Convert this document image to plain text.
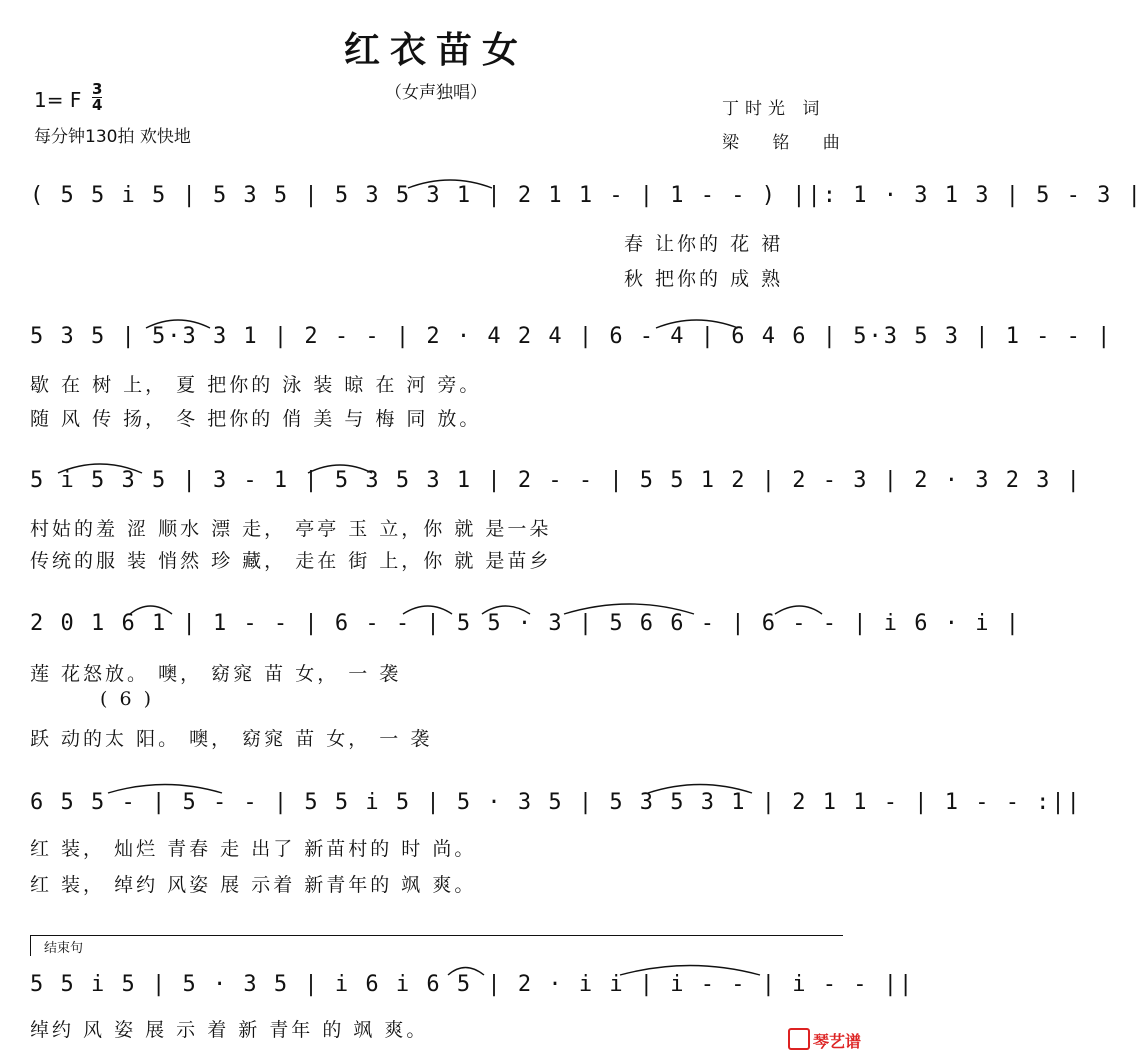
红衣苗女
（女声独唱）
1= F 3
4
每分钟130拍 欢快地
丁时光 词
梁 铭 曲
( 5 5 i 5 | 5 3 5 | 5 3 5 3 1 | 2 1 1 - | 1 - - ) ||: 1 · 3 1 3 | 5 - 3 |
春 让你的 花 裙
秋 把你的 成 熟
5 3 5 | 5·3 3 1 | 2 - - | 2 · 4 2 4 | 6 - 4 | 6 4 6 | 5·3 5 3 | 1 - - |
歇 在 树 上， 夏 把你的 泳 装 晾 在 河 旁。
随 风 传 扬， 冬 把你的 俏 美 与 梅 同 放。
5 i 5 3 5 | 3 - 1 | 5 3 5 3 1 | 2 - - | 5 5 1 2 | 2 - 3 | 2 · 3 2 3 |
村姑的羞 涩 顺水 漂 走， 亭亭 玉 立，你 就 是一朵
传统的服 装 悄然 珍 藏， 走在 街 上，你 就 是苗乡
2 0 1 6 1 | 1 - - | 6 - - | 5 5 · 3 | 5 6 6 - | 6 - - | i 6 · i |
莲 花怒放。 噢， 窈窕 苗 女， 一 袭
( 6 )
跃 动的太 阳。 噢， 窈窕 苗 女， 一 袭
6 5 5 - | 5 - - | 5 5 i 5 | 5 · 3 5 | 5 3 5 3 1 | 2 1 1 - | 1 - - :||
红 装， 灿烂 青春 走 出了 新苗村的 时 尚。
红 装， 绰约 风姿 展 示着 新青年的 飒 爽。
结束句
5 5 i 5 | 5 · 3 5 | i 6 i 6 5 | 2 · i i | i - - | i - - ||
绰约 风 姿 展 示 着 新 青年 的 飒 爽。
琴艺谱
